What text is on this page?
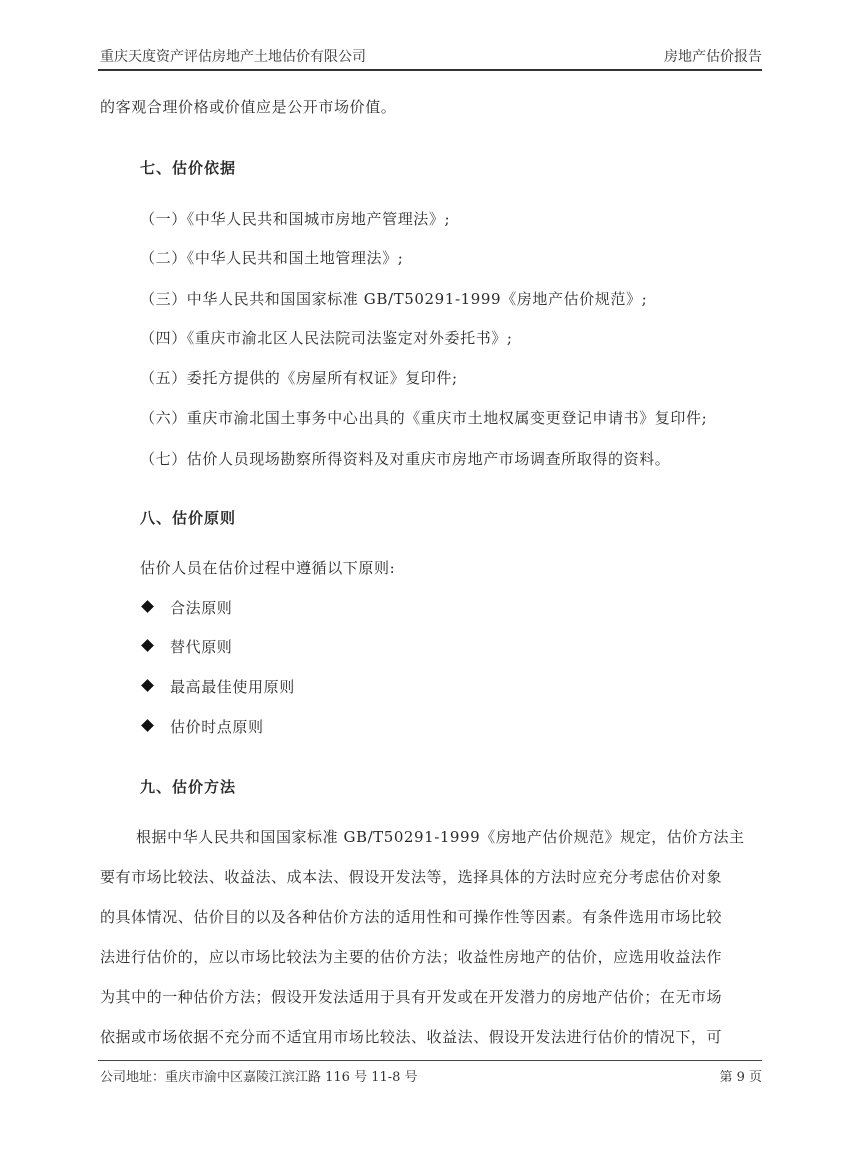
重庆天度资产评估房地产土地估价有限公司	房地产估价报告
的客观合理价格或价值应是公开市场价值。
七、估价依据
（一）《中华人民共和国城市房地产管理法》;
（二）《中华人民共和国土地管理法》;
（三）中华人民共和国国家标准 GB/T50291-1999《房地产估价规范》;
（四）《重庆市渝北区人民法院司法鉴定对外委托书》;
（五）委托方提供的《房屋所有权证》复印件;
（六）重庆市渝北国土事务中心出具的《重庆市土地权属变更登记申请书》复印件;
（七）估价人员现场勘察所得资料及对重庆市房地产市场调查所取得的资料。
八、估价原则
估价人员在估价过程中遵循以下原则:
合法原则
替代原则
最高最佳使用原则
估价时点原则
九、估价方法
根据中华人民共和国国家标准 GB/T50291-1999《房地产估价规范》规定，估价方法主
要有市场比较法、收益法、成本法、假设开发法等，选择具体的方法时应充分考虑估价对象
的具体情况、估价目的以及各种估价方法的适用性和可操作性等因素。有条件选用市场比较
法进行估价的，应以市场比较法为主要的估价方法；收益性房地产的估价，应选用收益法作
为其中的一种估价方法；假设开发法适用于具有开发或在开发潜力的房地产估价；在无市场
依据或市场依据不充分而不适宜用市场比较法、收益法、假设开发法进行估价的情况下，可
公司地址：重庆市渝中区嘉陵江滨江路 116 号 11-8 号	第 9 页
